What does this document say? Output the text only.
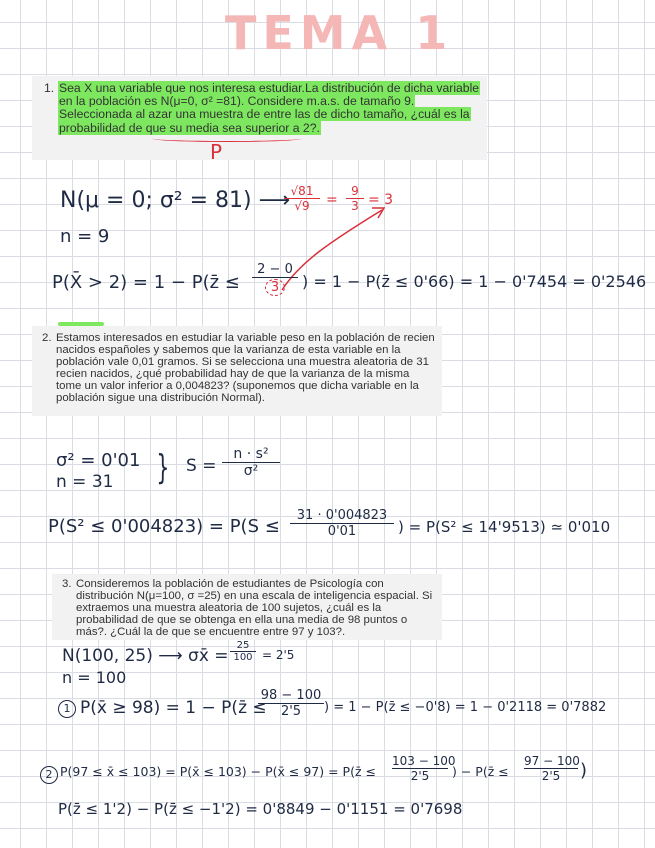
TEMA 1
1. Sea X una variable que nos interesa estudiar.La distribución de dicha variable en la población es N(μ=0, σ² =81). Considere m.a.s. de tamaño 9. Seleccionada al azar una muestra de entre las de dicho tamaño, ¿cuál es la probabilidad de que su media sea superior a 2?.
P
N(μ = 0; σ² = 81) ⟶
$\frac{√81}{√9} = \frac{9}{3} = 3$
n = 9
P(X̄ > 2) = 1 − P(z̄ ≤ $\frac{2 - 0}{3}$ ) = 1 − P(z̄ ≤ 0'66) = 1 − 0'7454 = 0'2546
2. Estamos interesados en estudiar la variable peso en la población de recien nacidos españoles y sabemos que la varianza de esta variable en la población vale 0,01 gramos. Si se selecciona una muestra aleatoria de 31 recien nacidos, ¿qué probabilidad hay de que la varianza de la misma tome un valor inferior a 0,004823? (suponemos que dicha variable en la población sigue una distribución Normal).
σ² = 0'01
n = 31 } $S = \frac{\text{n · s²}}{\text{σ²}}$
$P(S^2 \le 0'004823) = P(S \le \frac{31 \cdot 0'004823}{0'01}$ ) = P(S² ≤ 14'9513) ≃ 0'010
3. Consideremos la población de estudiantes de Psicología con distribución N(μ=100, σ =25) en una escala de inteligencia espacial. Si extraemos una muestra aleatoria de 100 sujetos, ¿cuál es la probabilidad de que se obtenga en ella una media de 98 puntos o más?. ¿Cuál la de que se encuentre entre 97 y 103?.
N(100, 25) ⟶ σx̄ = $\frac{25}{100} = 2'5$
n = 100
1 P(x̄ ≥ 98) = 1 − P(z̄ ≤
$\frac{98 - 100}{2'5}$ ) = 1 − P(z̄ ≤ −0'8) = 1 − 0'2118 = 0'7882
2 P(97 ≤ x̄ ≤ 103) = P(x̄ ≤ 103) − P(x̄ ≤ 97) = P(z̄ ≤ $\frac{103 - 100}{2'5}$ ) − P(z̄ ≤ $\frac{97 - 100}{2'5}$ )
P(z̄ ≤ 1'2) − P(z̄ ≤ −1'2) = 0'8849 − 0'1151 = 0'7698
